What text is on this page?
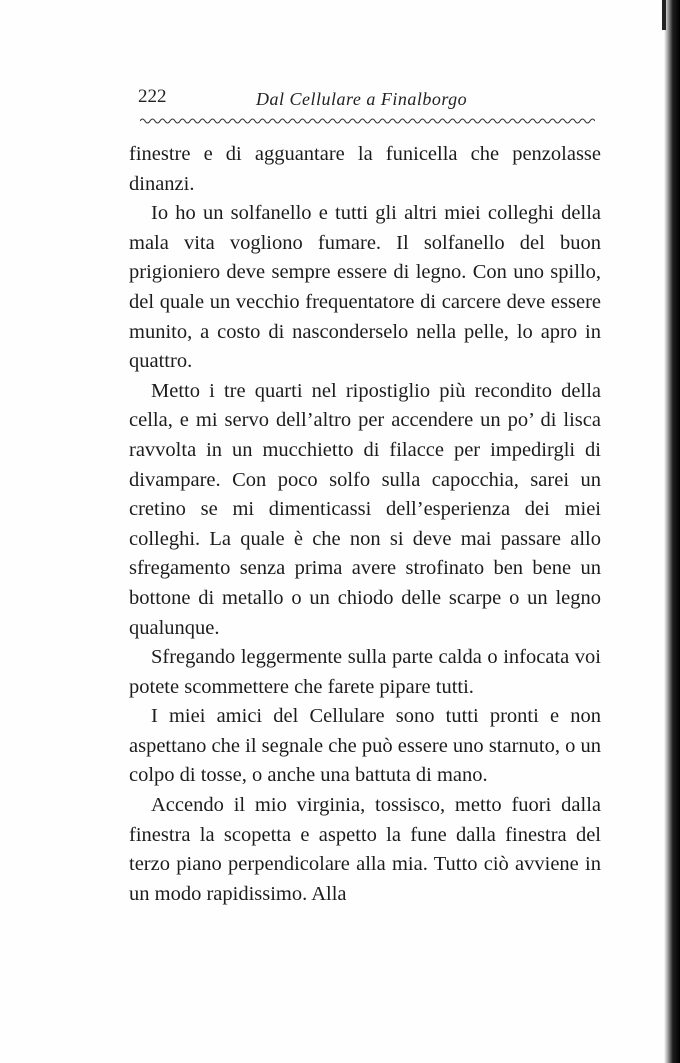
222	Dal Cellulare a Finalborgo

finestre e di agguantare la funicella che penzolasse dinanzi.

Io ho un solfanello e tutti gli altri miei colleghi della mala vita vogliono fumare. Il solfanello del buon prigioniero deve sempre essere di legno. Con uno spillo, del quale un vecchio frequentatore di carcere deve essere munito, a costo di nasconderselo nella pelle, lo apro in quattro.

Metto i tre quarti nel ripostiglio più recondito della cella, e mi servo dell’altro per accendere un po’ di lisca ravvolta in un mucchietto di filacce per impedirgli di divampare. Con poco solfo sulla capocchia, sarei un cretino se mi dimenticassi dell’esperienza dei miei colleghi. La quale è che non si deve mai passare allo sfregamento senza prima avere strofinato ben bene un bottone di metallo o un chiodo delle scarpe o un legno qualunque.

Sfregando leggermente sulla parte calda o infocata voi potete scommettere che farete pipare tutti.

I miei amici del Cellulare sono tutti pronti e non aspettano che il segnale che può essere uno starnuto, o un colpo di tosse, o anche una battuta di mano.

Accendo il mio virginia, tossisco, metto fuori dalla finestra la scopetta e aspetto la fune dalla finestra del terzo piano perpendicolare alla mia. Tutto ciò avviene in un modo rapidissimo. Alla
